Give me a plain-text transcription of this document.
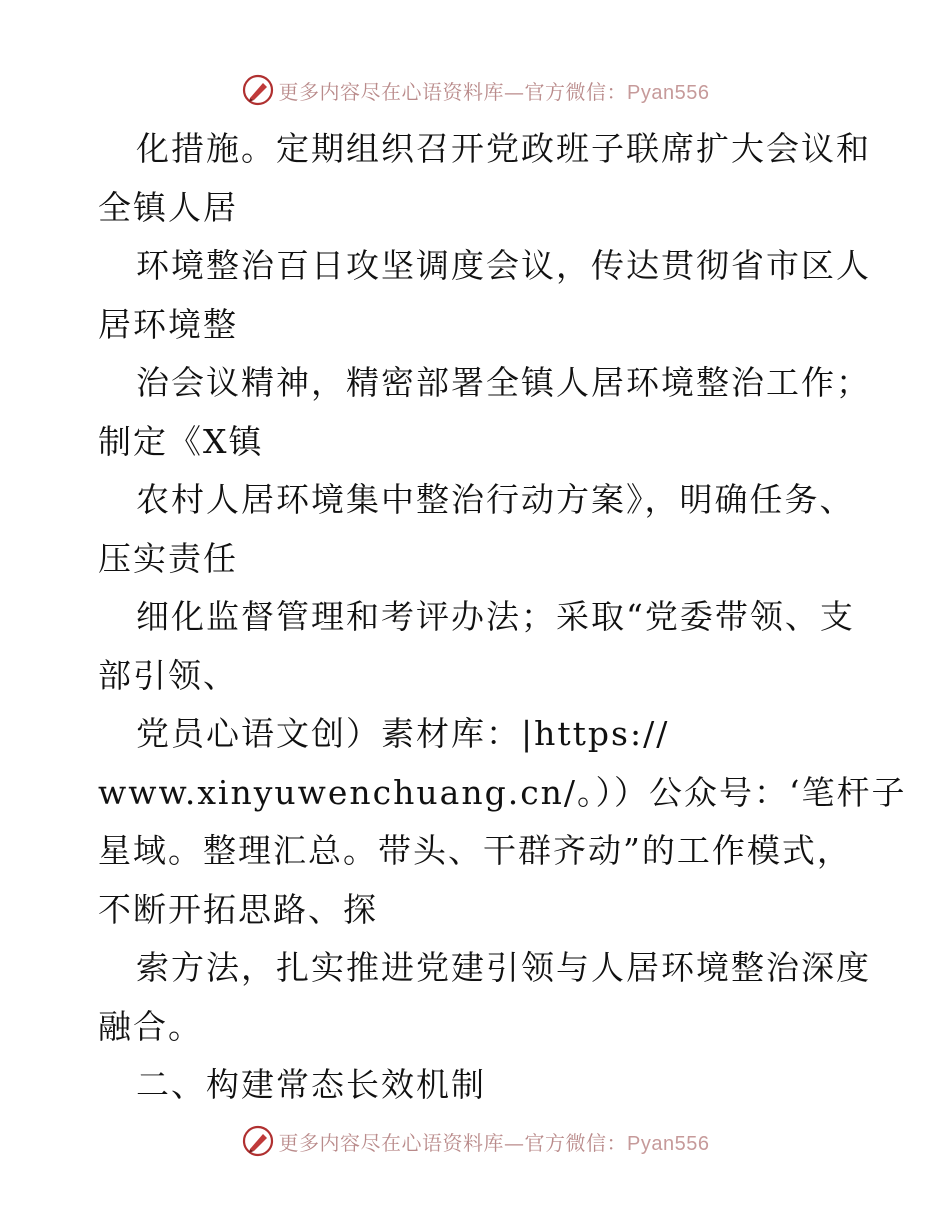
更多内容尽在心语资料库—官方微信：Pyan556
化措施。定期组织召开党政班子联席扩大会议和
全镇人居
环境整治百日攻坚调度会议，传达贯彻省市区人
居环境整
治会议精神，精密部署全镇人居环境整治工作；
制定《X镇
农村人居环境集中整治行动方案》，明确任务、
压实责任
细化监督管理和考评办法；采取“党委带领、支
部引领、
党员心语文创）素材库：|https://
www.xinyuwenchuang.cn/。））公众号：‘笔杆子
星域。整理汇总。带头、干群齐动”的工作模式，
不断开拓思路、探
索方法，扎实推进党建引领与人居环境整治深度
融合。
二、构建常态长效机制
更多内容尽在心语资料库—官方微信：Pyan556
